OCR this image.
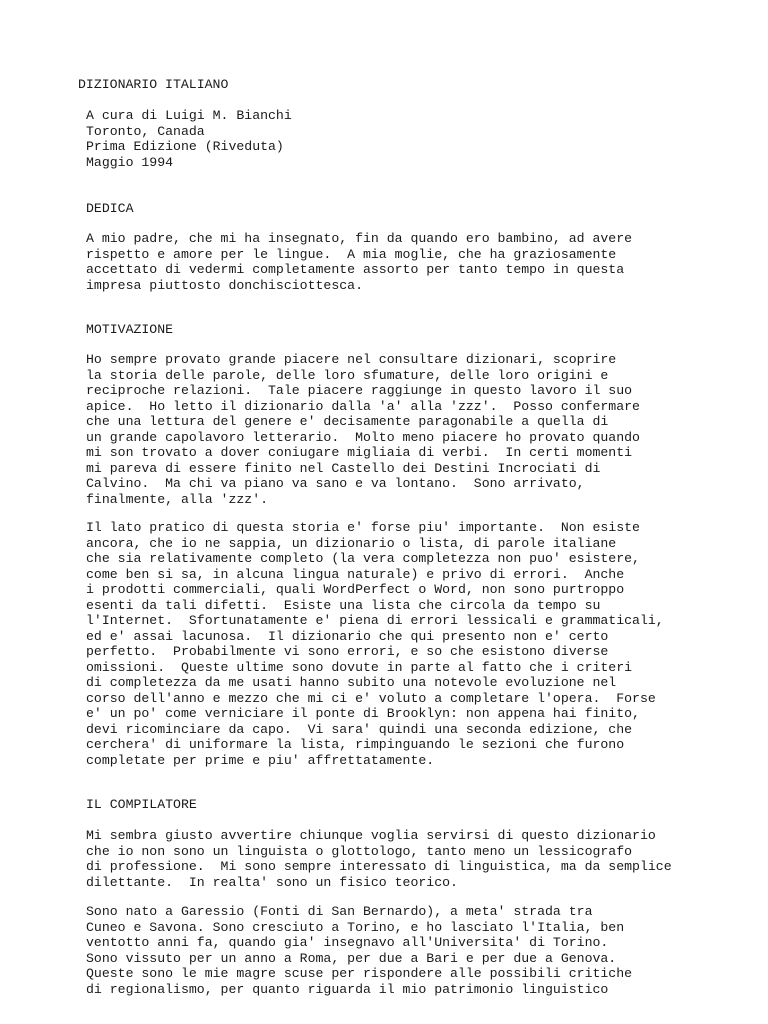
DIZIONARIO ITALIANO
A cura di Luigi M. Bianchi
Toronto, Canada
Prima Edizione (Riveduta)
Maggio 1994
DEDICA
A mio padre, che mi ha insegnato, fin da quando ero bambino, ad avere
rispetto e amore per le lingue.  A mia moglie, che ha graziosamente
accettato di vedermi completamente assorto per tanto tempo in questa
impresa piuttosto donchisciottesca.
MOTIVAZIONE
Ho sempre provato grande piacere nel consultare dizionari, scoprire
la storia delle parole, delle loro sfumature, delle loro origini e
reciproche relazioni.  Tale piacere raggiunge in questo lavoro il suo
apice.  Ho letto il dizionario dalla 'a' alla 'zzz'.  Posso confermare
che una lettura del genere e' decisamente paragonabile a quella di
un grande capolavoro letterario.  Molto meno piacere ho provato quando
mi son trovato a dover coniugare migliaia di verbi.  In certi momenti
mi pareva di essere finito nel Castello dei Destini Incrociati di
Calvino.  Ma chi va piano va sano e va lontano.  Sono arrivato,
finalmente, alla 'zzz'.
Il lato pratico di questa storia e' forse piu' importante.  Non esiste
ancora, che io ne sappia, un dizionario o lista, di parole italiane
che sia relativamente completo (la vera completezza non puo' esistere,
come ben si sa, in alcuna lingua naturale) e privo di errori.  Anche
i prodotti commerciali, quali WordPerfect o Word, non sono purtroppo
esenti da tali difetti.  Esiste una lista che circola da tempo su
l'Internet.  Sfortunatamente e' piena di errori lessicali e grammaticali,
ed e' assai lacunosa.  Il dizionario che qui presento non e' certo
perfetto.  Probabilmente vi sono errori, e so che esistono diverse
omissioni.  Queste ultime sono dovute in parte al fatto che i criteri
di completezza da me usati hanno subito una notevole evoluzione nel
corso dell'anno e mezzo che mi ci e' voluto a completare l'opera.  Forse
e' un po' come verniciare il ponte di Brooklyn: non appena hai finito,
devi ricominciare da capo.  Vi sara' quindi una seconda edizione, che
cerchera' di uniformare la lista, rimpinguando le sezioni che furono
completate per prime e piu' affrettatamente.
IL COMPILATORE
Mi sembra giusto avvertire chiunque voglia servirsi di questo dizionario
che io non sono un linguista o glottologo, tanto meno un lessicografo
di professione.  Mi sono sempre interessato di linguistica, ma da semplice
dilettante.  In realta' sono un fisico teorico.
Sono nato a Garessio (Fonti di San Bernardo), a meta' strada tra
Cuneo e Savona. Sono cresciuto a Torino, e ho lasciato l'Italia, ben
ventotto anni fa, quando gia' insegnavo all'Universita' di Torino.
Sono vissuto per un anno a Roma, per due a Bari e per due a Genova.
Queste sono le mie magre scuse per rispondere alle possibili critiche
di regionalismo, per quanto riguarda il mio patrimonio linguistico
